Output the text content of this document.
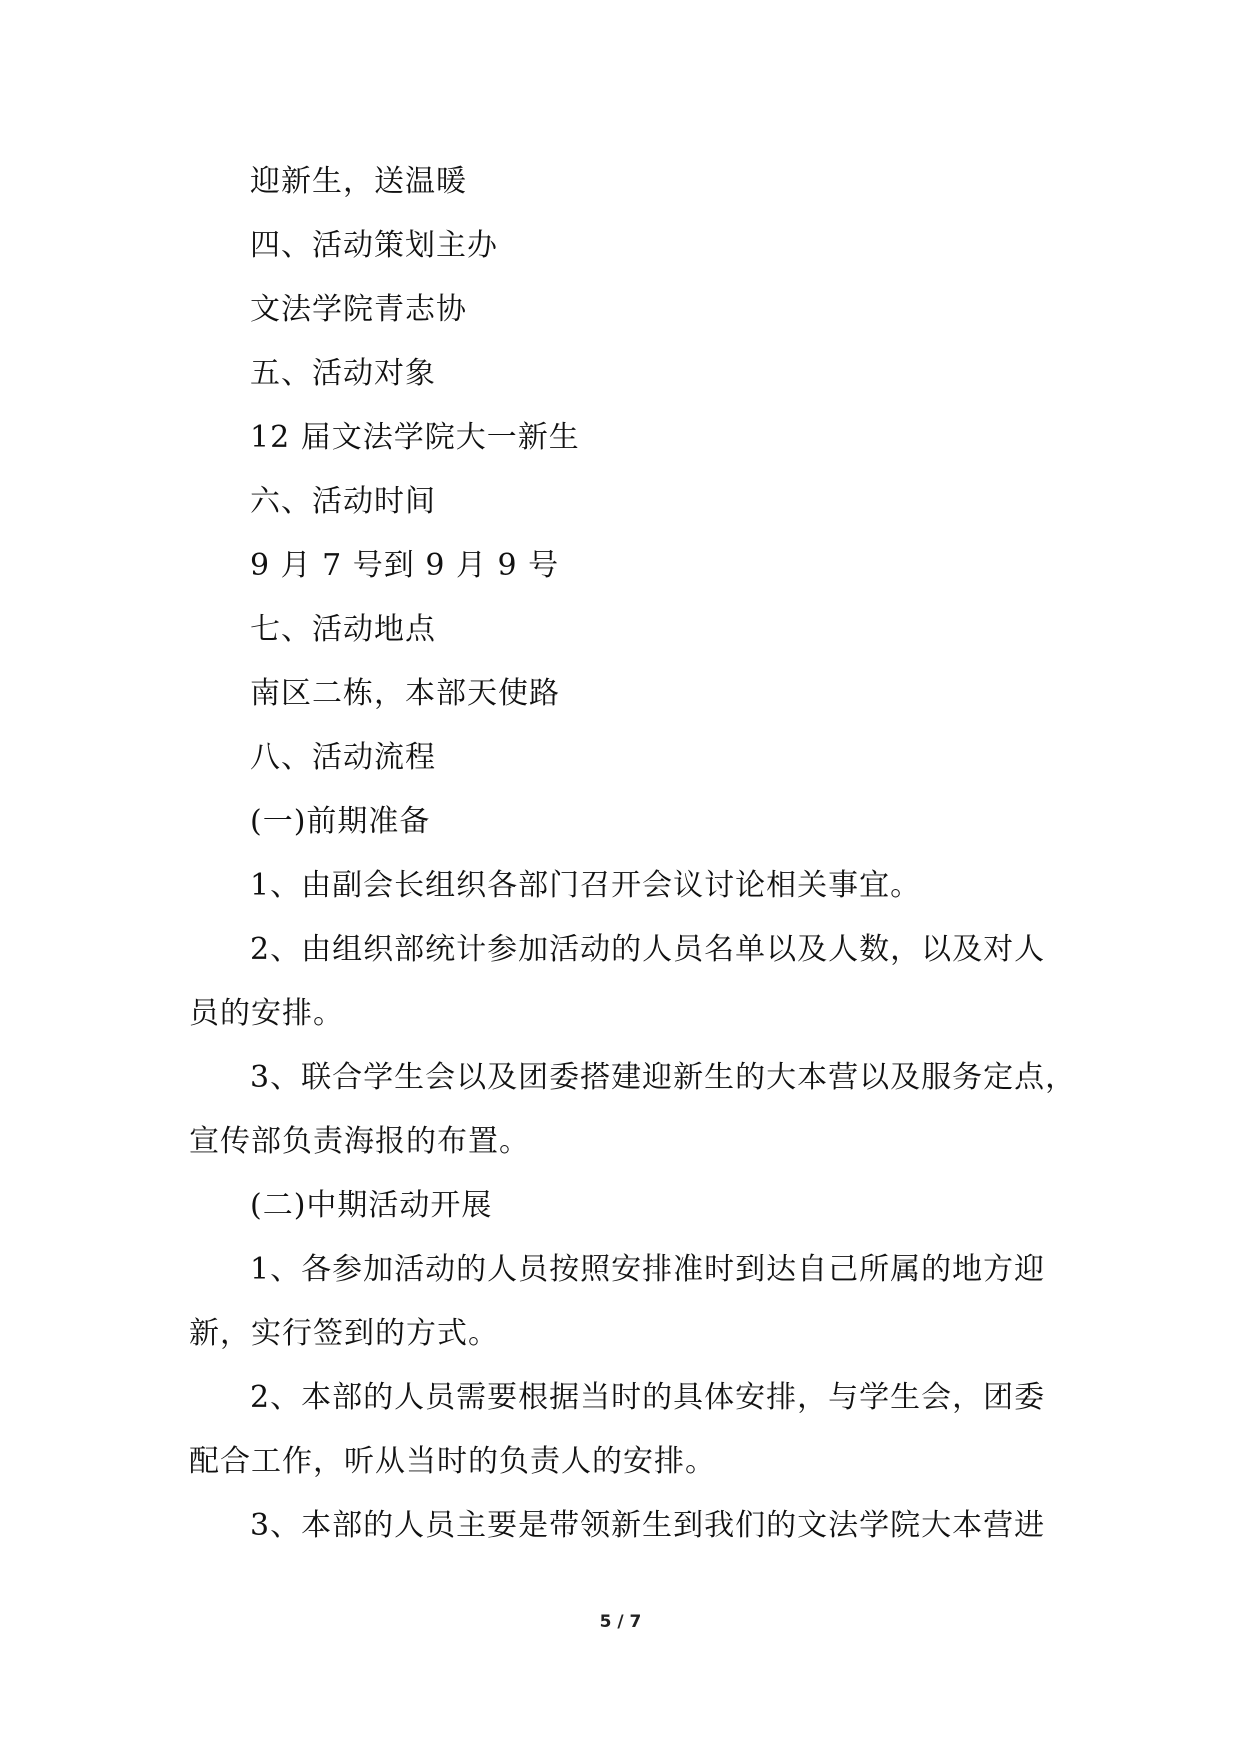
迎新生，送温暖
四、活动策划主办
文法学院青志协
五、活动对象
12 届文法学院大一新生
六、活动时间
9 月 7 号到 9 月 9 号
七、活动地点
南区二栋，本部天使路
八、活动流程
(一)前期准备
1、由副会长组织各部门召开会议讨论相关事宜。
2、由组织部统计参加活动的人员名单以及人数，以及对人
员的安排。
3、联合学生会以及团委搭建迎新生的大本营以及服务定点，
宣传部负责海报的布置。
(二)中期活动开展
1、各参加活动的人员按照安排准时到达自己所属的地方迎
新，实行签到的方式。
2、本部的人员需要根据当时的具体安排，与学生会，团委
配合工作，听从当时的负责人的安排。
3、本部的人员主要是带领新生到我们的文法学院大本营进
5 / 7
